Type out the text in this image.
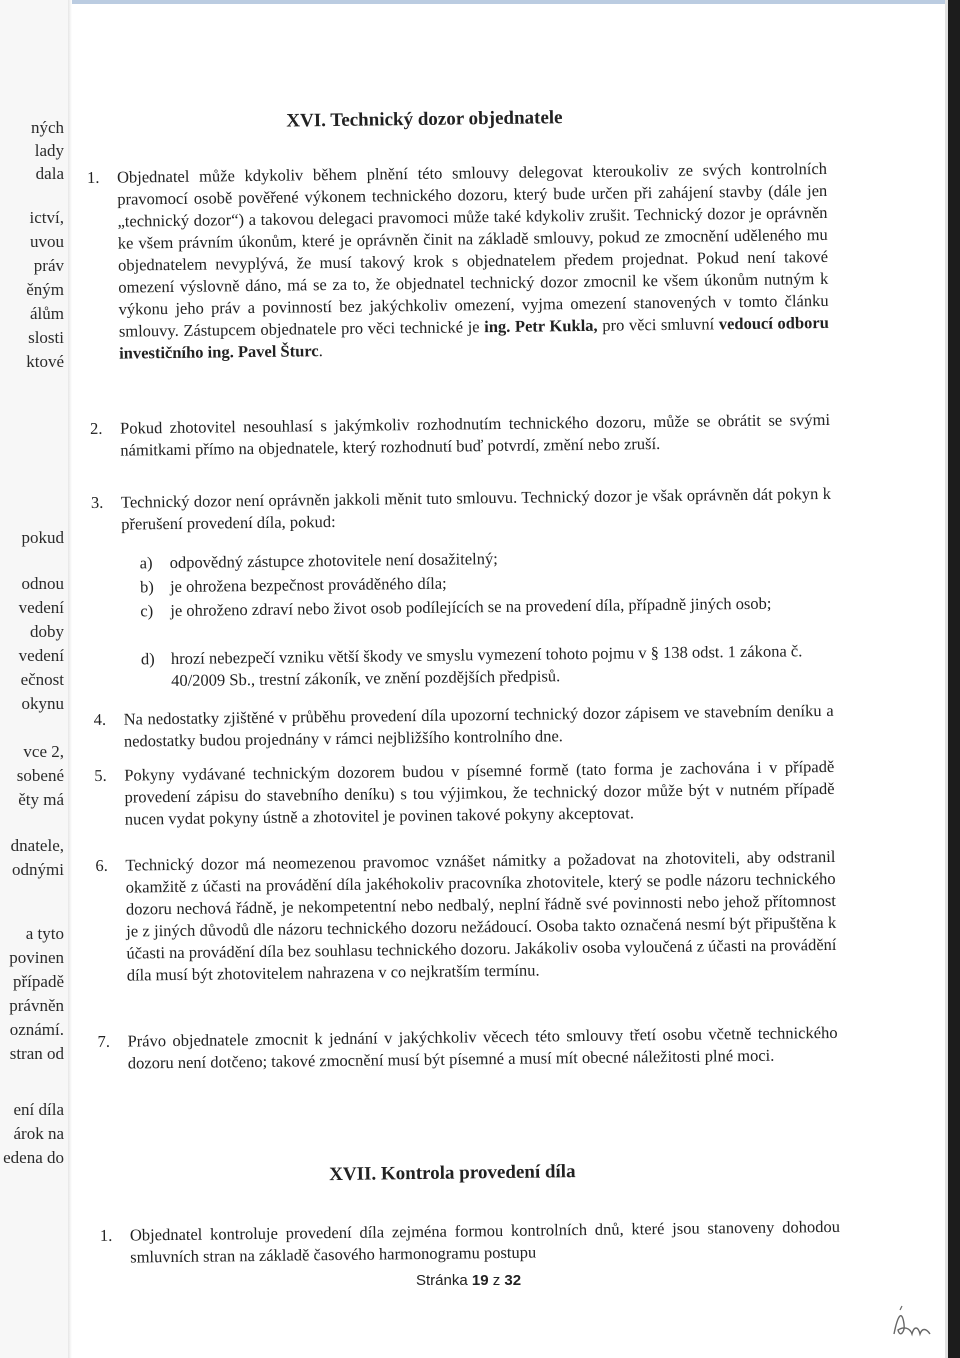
ných
lady
dala
ictví,
uvou
práv
ěným
álům
slosti
ktové
pokud
odnou
vedení
doby
vedení
ečnost
okynu
vce 2,
sobené
ěty má
dnatele,
odnými
a tyto
povinen
případě
právněn
oznámí.
stran od
ení díla
árok na
edena do
XVI. Technický dozor objednatele
1. Objednatel může kdykoliv během plnění této smlouvy delegovat kteroukoliv ze svých kontrolních pravomocí osobě pověřené výkonem technického dozoru, který bude určen při zahájení stavby (dále jen „technický dozor“) a takovou delegaci pravomoci může také kdykoliv zrušit. Technický dozor je oprávněn ke všem právním úkonům, které je oprávněn činit na základě smlouvy, pokud ze zmocnění uděleného mu objednatelem nevyplývá, že musí takový krok s objednatelem předem projednat. Pokud není takové omezení výslovně dáno, má se za to, že objednatel technický dozor zmocnil ke všem úkonům nutným k výkonu jeho práv a povinností bez jakýchkoliv omezení, vyjma omezení stanovených v tomto článku smlouvy. Zástupcem objednatele pro věci technické je ing. Petr Kukla, pro věci smluvní vedoucí odboru investičního ing. Pavel Šturc.
2. Pokud zhotovitel nesouhlasí s jakýmkoliv rozhodnutím technického dozoru, může se obrátit se svými námitkami přímo na objednatele, který rozhodnutí buď potvrdí, změní nebo zruší.
3. Technický dozor není oprávněn jakkoli měnit tuto smlouvu. Technický dozor je však oprávněn dát pokyn k přerušení provedení díla, pokud:
a) odpovědný zástupce zhotovitele není dosažitelný;
b) je ohrožena bezpečnost prováděného díla;
c) je ohroženo zdraví nebo život osob podílejících se na provedení díla, případně jiných osob;
d) hrozí nebezpečí vzniku větší škody ve smyslu vymezení tohoto pojmu v § 138 odst. 1 zákona č. 40/2009 Sb., trestní zákoník, ve znění pozdějších předpisů.
4. Na nedostatky zjištěné v průběhu provedení díla upozorní technický dozor zápisem ve stavebním deníku a nedostatky budou projednány v rámci nejbližšího kontrolního dne.
5. Pokyny vydávané technickým dozorem budou v písemné formě (tato forma je zachována i v případě provedení zápisu do stavebního deníku) s tou výjimkou, že technický dozor může být v nutném případě nucen vydat pokyny ústně a zhotovitel je povinen takové pokyny akceptovat.
6. Technický dozor má neomezenou pravomoc vznášet námitky a požadovat na zhotoviteli, aby odstranil okamžitě z účasti na provádění díla jakéhokoliv pracovníka zhotovitele, který se podle názoru technického dozoru nechová řádně, je nekompetentní nebo nedbalý, neplní řádně své povinnosti nebo jehož přítomnost je z jiných důvodů dle názoru technického dozoru nežádoucí. Osoba takto označená nesmí být připuštěna k účasti na provádění díla bez souhlasu technického dozoru. Jakákoliv osoba vyloučená z účasti na provádění díla musí být zhotovitelem nahrazena v co nejkratším termínu.
7. Právo objednatele zmocnit k jednání v jakýchkoliv věcech této smlouvy třetí osobu včetně technického dozoru není dotčeno; takové zmocnění musí být písemné a musí mít obecné náležitosti plné moci.
XVII. Kontrola provedení díla
1. Objednatel kontroluje provedení díla zejména formou kontrolních dnů, které jsou stanoveny dohodou smluvních stran na základě časového harmonogramu postupu
Stránka 19 z 32
